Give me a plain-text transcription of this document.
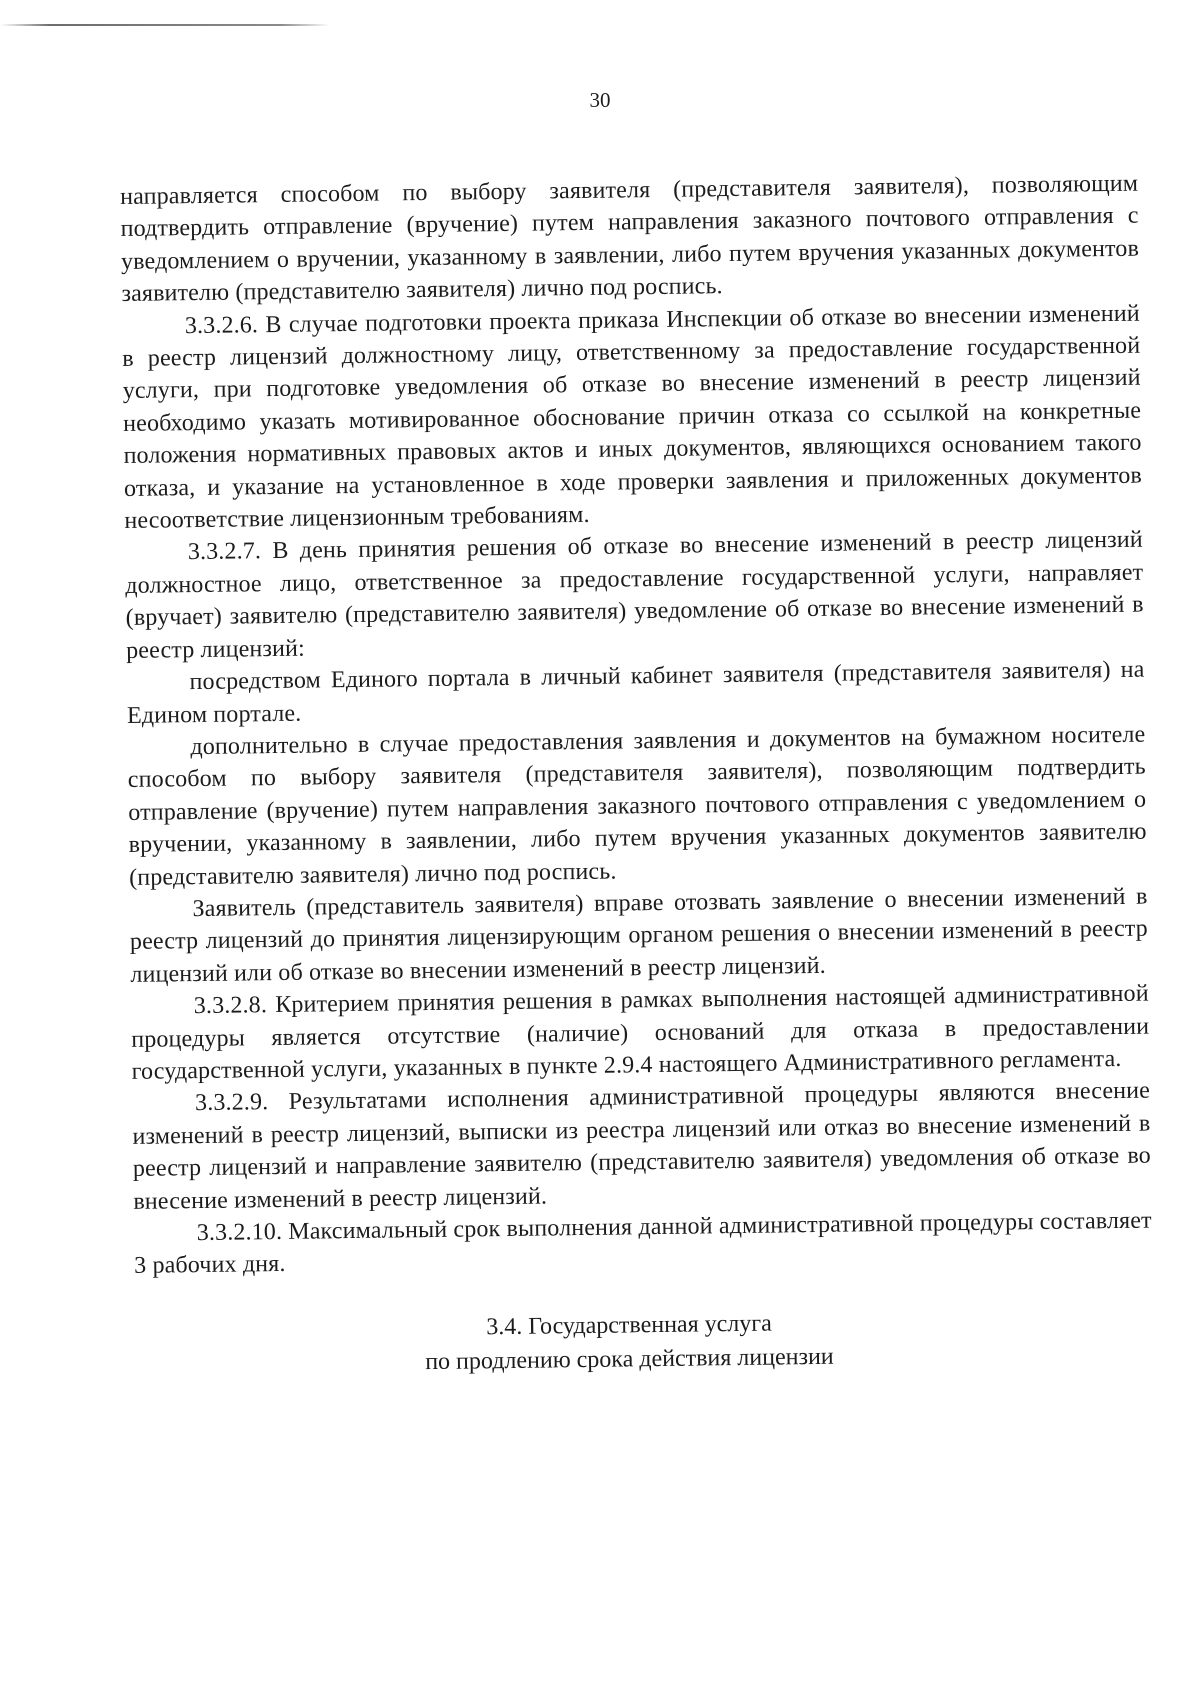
30

направляется способом по выбору заявителя (представителя заявителя), позволяющим подтвердить отправление (вручение) путем направления заказного почтового отправления с уведомлением о вручении, указанному в заявлении, либо путем вручения указанных документов заявителю (представителю заявителя) лично под роспись.

3.3.2.6. В случае подготовки проекта приказа Инспекции об отказе во внесении изменений в реестр лицензий должностному лицу, ответственному за предоставление государственной услуги, при подготовке уведомления об отказе во внесение изменений в реестр лицензий необходимо указать мотивированное обоснование причин отказа со ссылкой на конкретные положения нормативных правовых актов и иных документов, являющихся основанием такого отказа, и указание на установленное в ходе проверки заявления и приложенных документов несоответствие лицензионным требованиям.

3.3.2.7. В день принятия решения об отказе во внесение изменений в реестр лицензий должностное лицо, ответственное за предоставление государственной услуги, направляет (вручает) заявителю (представителю заявителя) уведомление об отказе во внесение изменений в реестр лицензий:

посредством Единого портала в личный кабинет заявителя (представителя заявителя) на Едином портале.

дополнительно в случае предоставления заявления и документов на бумажном носителе способом по выбору заявителя (представителя заявителя), позволяющим подтвердить отправление (вручение) путем направления заказного почтового отправления с уведомлением о вручении, указанному в заявлении, либо путем вручения указанных документов заявителю (представителю заявителя) лично под роспись.

Заявитель (представитель заявителя) вправе отозвать заявление о внесении изменений в реестр лицензий до принятия лицензирующим органом решения о внесении изменений в реестр лицензий или об отказе во внесении изменений в реестр лицензий.

3.3.2.8. Критерием принятия решения в рамках выполнения настоящей административной процедуры является отсутствие (наличие) оснований для отказа в предоставлении государственной услуги, указанных в пункте 2.9.4 настоящего Административного регламента.

3.3.2.9. Результатами исполнения административной процедуры являются внесение изменений в реестр лицензий, выписки из реестра лицензий или отказ во внесение изменений в реестр лицензий и направление заявителю (представителю заявителя) уведомления об отказе во внесение изменений в реестр лицензий.

3.3.2.10. Максимальный срок выполнения данной административной процедуры составляет 3 рабочих дня.

3.4. Государственная услуга
по продлению срока действия лицензии
